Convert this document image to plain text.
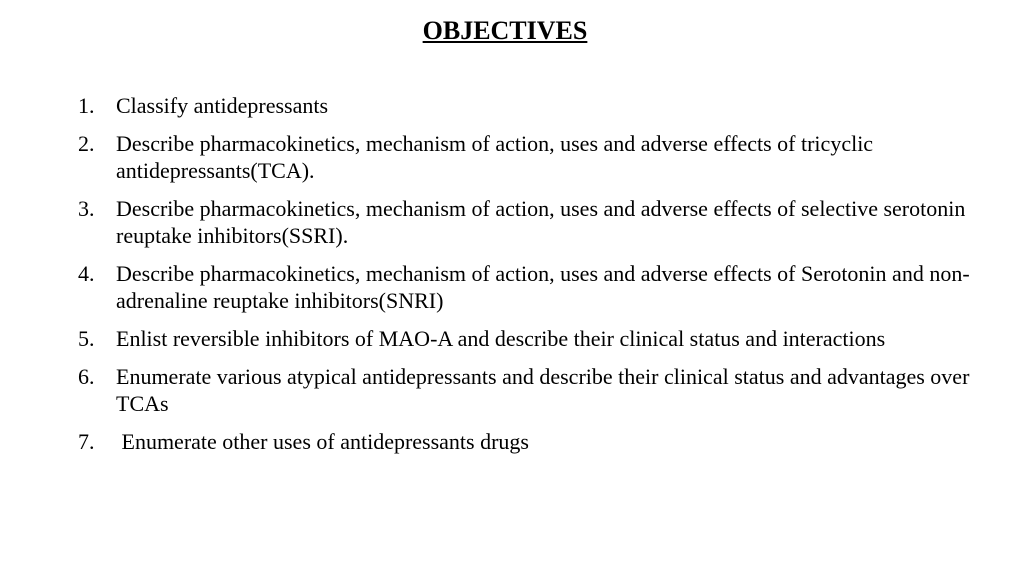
OBJECTIVES
1. Classify antidepressants
2. Describe pharmacokinetics, mechanism of action, uses and adverse effects of tricyclic antidepressants(TCA).
3. Describe pharmacokinetics, mechanism of action, uses and adverse effects of selective serotonin reuptake inhibitors(SSRI).
4. Describe pharmacokinetics, mechanism of action, uses and adverse effects of Serotonin and non-adrenaline reuptake inhibitors(SNRI)
5. Enlist reversible inhibitors of MAO-A and describe their clinical status and interactions
6. Enumerate various atypical antidepressants and describe their clinical status and advantages over TCAs
7. Enumerate other uses of antidepressants drugs
